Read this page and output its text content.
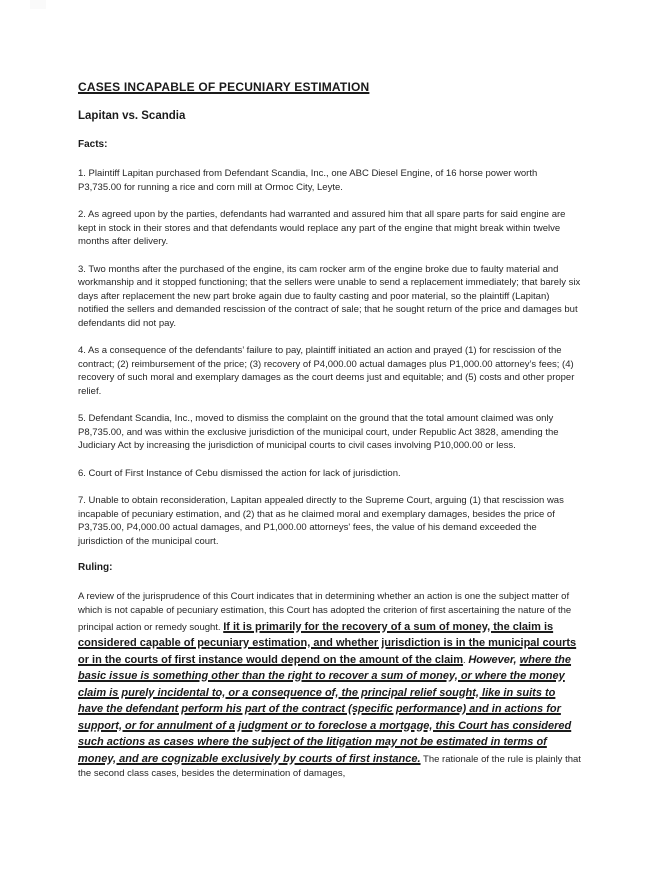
CASES INCAPABLE OF PECUNIARY ESTIMATION
Lapitan vs. Scandia
Facts:

1. Plaintiff Lapitan purchased from Defendant Scandia, Inc., one ABC Diesel Engine, of 16 horse power worth P3,735.00 for running a rice and corn mill at Ormoc City, Leyte.

2. As agreed upon by the parties, defendants had warranted and assured him that all spare parts for said engine are kept in stock in their stores and that defendants would replace any part of the engine that might break within twelve months after delivery.

3. Two months after the purchased of the engine, its cam rocker arm of the engine broke due to faulty material and workmanship and it stopped functioning; that the sellers were unable to send a replacement immediately; that barely six days after replacement the new part broke again due to faulty casting and poor material, so the plaintiff (Lapitan) notified the sellers and demanded rescission of the contract of sale; that he sought return of the price and damages but defendants did not pay.

4. As a consequence of the defendants’ failure to pay, plaintiff initiated an action and prayed (1) for rescission of the contract; (2) reimbursement of the price; (3) recovery of P4,000.00 actual damages plus P1,000.00 attorney’s fees; (4) recovery of such moral and exemplary damages as the court deems just and equitable; and (5) costs and other proper relief.

5. Defendant Scandia, Inc., moved to dismiss the complaint on the ground that the total amount claimed was only P8,735.00, and was within the exclusive jurisdiction of the municipal court, under Republic Act 3828, amending the Judiciary Act by increasing the jurisdiction of municipal courts to civil cases involving P10,000.00 or less.

6. Court of First Instance of Cebu dismissed the action for lack of jurisdiction.

7. Unable to obtain reconsideration, Lapitan appealed directly to the Supreme Court, arguing (1) that rescission was incapable of pecuniary estimation, and (2) that as he claimed moral and exemplary damages, besides the price of P3,735.00, P4,000.00 actual damages, and P1,000.00 attorneys' fees, the value of his demand exceeded the jurisdiction of the municipal court.

Ruling:

A review of the jurisprudence of this Court indicates that in determining whether an action is one the subject matter of which is not capable of pecuniary estimation, this Court has adopted the criterion of first ascertaining the nature of the principal action or remedy sought. If it is primarily for the recovery of a sum of money, the claim is considered capable of pecuniary estimation, and whether jurisdiction is in the municipal courts or in the courts of first instance would depend on the amount of the claim. However, where the basic issue is something other than the right to recover a sum of money, or where the money claim is purely incidental to, or a consequence of, the principal relief sought, like in suits to have the defendant perform his part of the contract (specific performance) and in actions for support, or for annulment of a judgment or to foreclose a mortgage, this Court has considered such actions as cases where the subject of the litigation may not be estimated in terms of money, and are cognizable exclusively by courts of first instance. The rationale of the rule is plainly that the second class cases, besides the determination of damages,
